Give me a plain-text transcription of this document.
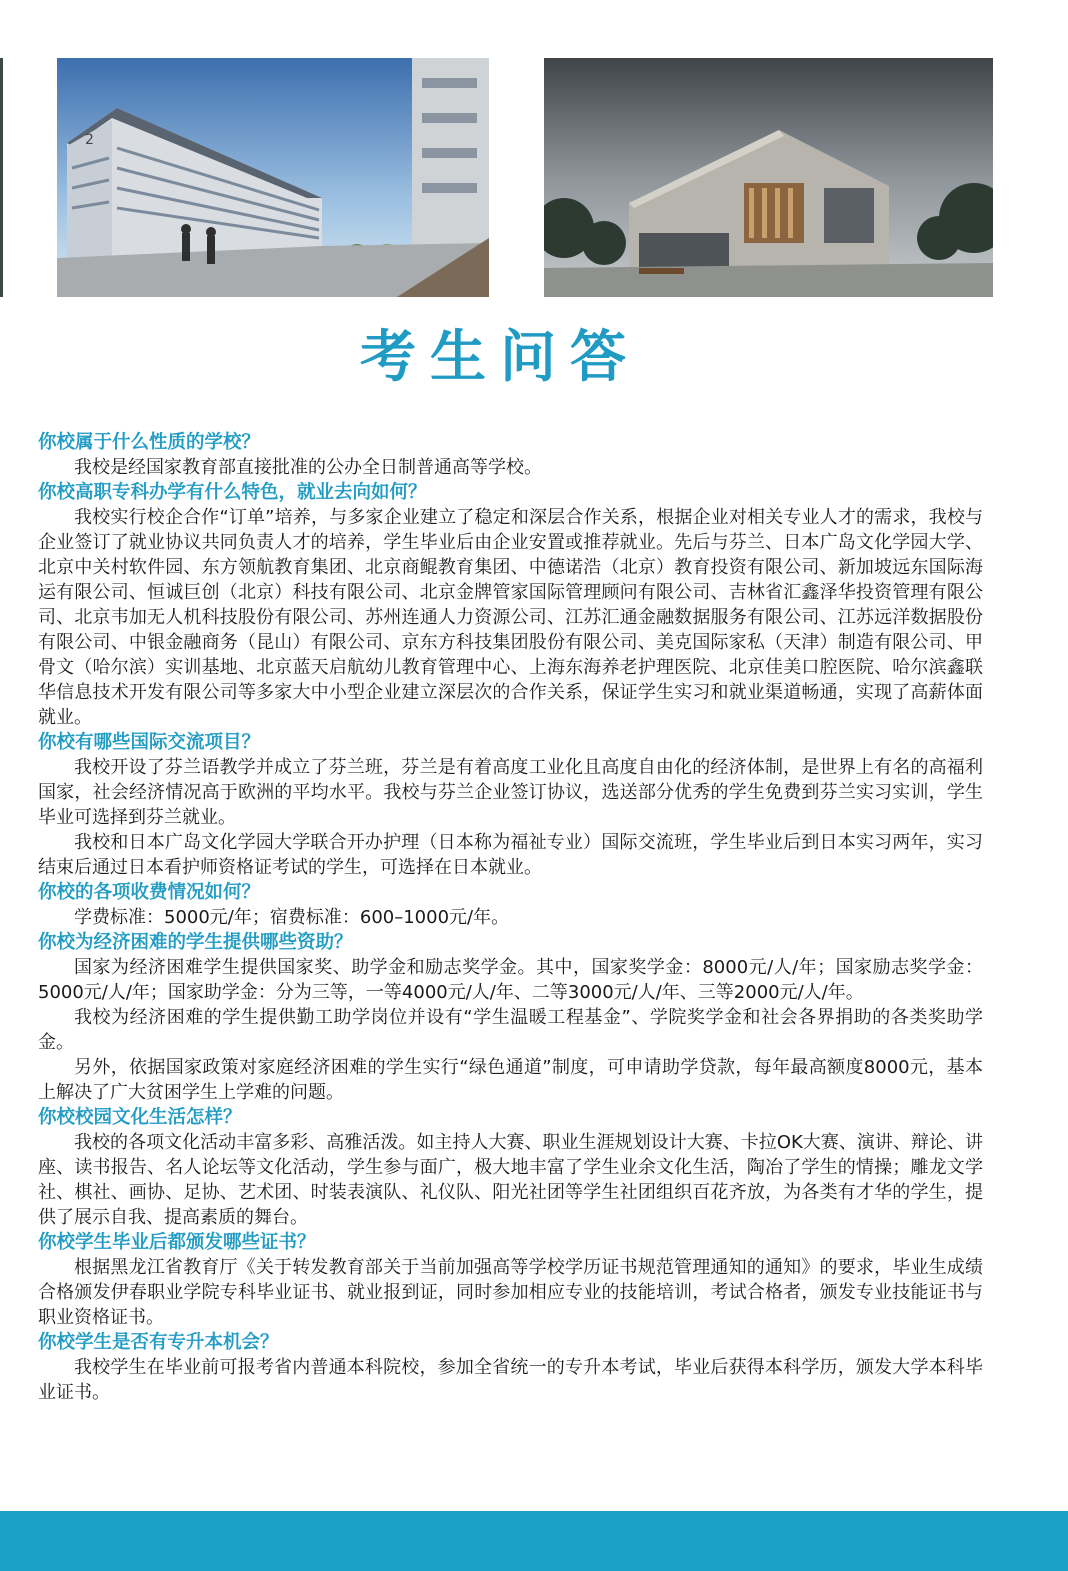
2
考生问答

你校属于什么性质的学校？

我校是经国家教育部直接批准的公办全日制普通高等学校。

你校高职专科办学有什么特色，就业去向如何？

我校实行校企合作“订单”培养，与多家企业建立了稳定和深层合作关系，根据企业对相关专业人才的需求，我校与企业签订了就业协议共同负责人才的培养，学生毕业后由企业安置或推荐就业。先后与芬兰、日本广岛文化学园大学、北京中关村软件园、东方领航教育集团、北京商鲲教育集团、中德诺浩（北京）教育投资有限公司、新加坡远东国际海运有限公司、恒诚巨创（北京）科技有限公司、北京金牌管家国际管理顾问有限公司、吉林省汇鑫泽华投资管理有限公司、北京韦加无人机科技股份有限公司、苏州连通人力资源公司、江苏汇通金融数据服务有限公司、江苏远洋数据股份有限公司、中银金融商务（昆山）有限公司、京东方科技集团股份有限公司、美克国际家私（天津）制造有限公司、甲骨文（哈尔滨）实训基地、北京蓝天启航幼儿教育管理中心、上海东海养老护理医院、北京佳美口腔医院、哈尔滨鑫联华信息技术开发有限公司等多家大中小型企业建立深层次的合作关系，保证学生实习和就业渠道畅通，实现了高薪体面就业。

你校有哪些国际交流项目？

我校开设了芬兰语教学并成立了芬兰班，芬兰是有着高度工业化且高度自由化的经济体制，是世界上有名的高福利国家，社会经济情况高于欧洲的平均水平。我校与芬兰企业签订协议，选送部分优秀的学生免费到芬兰实习实训，学生毕业可选择到芬兰就业。

我校和日本广岛文化学园大学联合开办护理（日本称为福祉专业）国际交流班，学生毕业后到日本实习两年，实习结束后通过日本看护师资格证考试的学生，可选择在日本就业。

你校的各项收费情况如何？

学费标准：5000元/年；宿费标准：600–1000元/年。

你校为经济困难的学生提供哪些资助？

国家为经济困难学生提供国家奖、助学金和励志奖学金。其中，国家奖学金：8000元/人/年；国家励志奖学金：5000元/人/年；国家助学金：分为三等，一等4000元/人/年、二等3000元/人/年、三等2000元/人/年。

我校为经济困难的学生提供勤工助学岗位并设有“学生温暖工程基金”、学院奖学金和社会各界捐助的各类奖助学金。

另外，依据国家政策对家庭经济困难的学生实行“绿色通道”制度，可申请助学贷款，每年最高额度8000元，基本上解决了广大贫困学生上学难的问题。

你校校园文化生活怎样？

我校的各项文化活动丰富多彩、高雅活泼。如主持人大赛、职业生涯规划设计大赛、卡拉OK大赛、演讲、辩论、讲座、读书报告、名人论坛等文化活动，学生参与面广，极大地丰富了学生业余文化生活，陶冶了学生的情操；雕龙文学社、棋社、画协、足协、艺术团、时装表演队、礼仪队、阳光社团等学生社团组织百花齐放，为各类有才华的学生，提供了展示自我、提高素质的舞台。

你校学生毕业后都颁发哪些证书？

根据黑龙江省教育厅《关于转发教育部关于当前加强高等学校学历证书规范管理通知的通知》的要求，毕业生成绩合格颁发伊春职业学院专科毕业证书、就业报到证，同时参加相应专业的技能培训，考试合格者，颁发专业技能证书与职业资格证书。

你校学生是否有专升本机会？

我校学生在毕业前可报考省内普通本科院校，参加全省统一的专升本考试，毕业后获得本科学历，颁发大学本科毕业证书。
